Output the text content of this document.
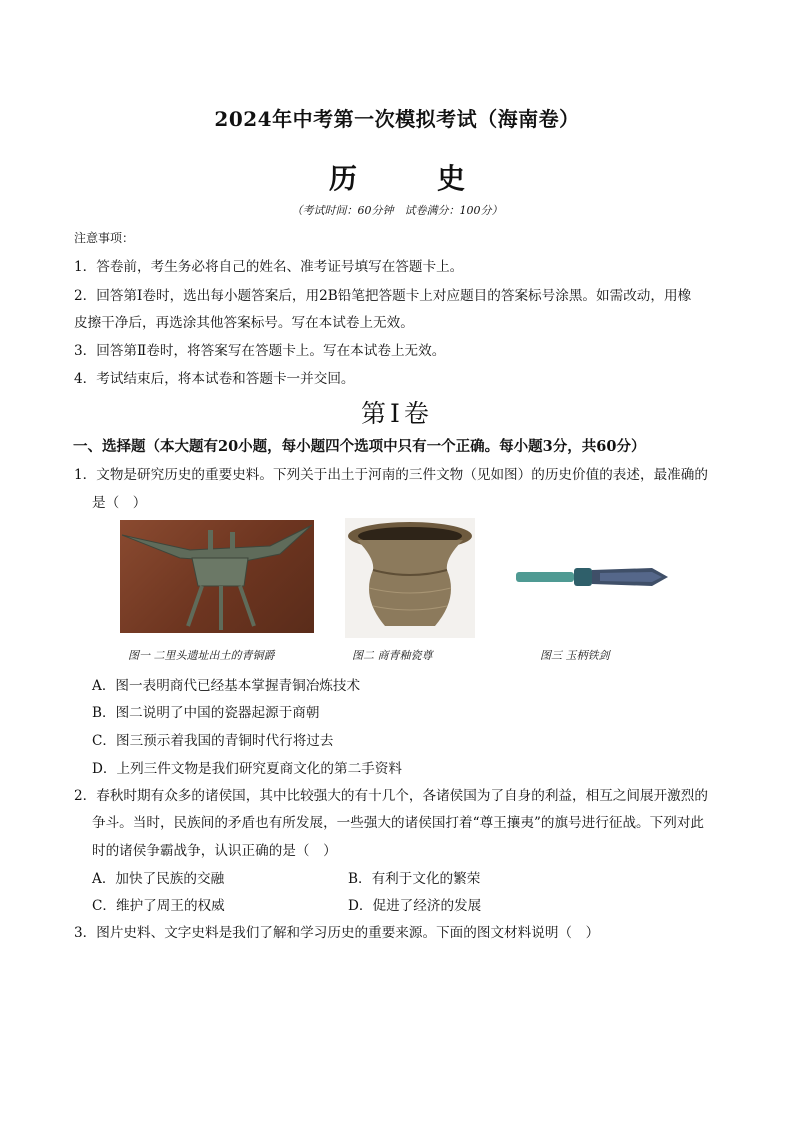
2024年中考第一次模拟考试（海南卷）
历　史
（考试时间：60分钟　试卷满分：100分）
注意事项：
1．答卷前，考生务必将自己的姓名、准考证号填写在答题卡上。
2．回答第Ⅰ卷时，选出每小题答案后，用2B铅笔把答题卡上对应题目的答案标号涂黑。如需改动，用橡
皮擦干净后，再选涂其他答案标号。写在本试卷上无效。
3．回答第Ⅱ卷时，将答案写在答题卡上。写在本试卷上无效。
4．考试结束后，将本试卷和答题卡一并交回。
第Ⅰ卷
一、选择题（本大题有20小题，每小题四个选项中只有一个正确。每小题3分，共60分）
1．文物是研究历史的重要史料。下列关于出土于河南的三件文物（见如图）的历史价值的表述，最准确的
是（　）
图一 二里头遗址出土的青铜爵	图二 商青釉瓷尊	图三 玉柄铁剑
A．图一表明商代已经基本掌握青铜冶炼技术
B．图二说明了中国的瓷器起源于商朝
C．图三预示着我国的青铜时代行将过去
D．上列三件文物是我们研究夏商文化的第二手资料
2．春秋时期有众多的诸侯国，其中比较强大的有十几个，各诸侯国为了自身的利益，相互之间展开激烈的
争斗。当时，民族间的矛盾也有所发展，一些强大的诸侯国打着“尊王攘夷”的旗号进行征战。下列对此
时的诸侯争霸战争，认识正确的是（　）
A．加快了民族的交融	B．有利于文化的繁荣
C．维护了周王的权威	D．促进了经济的发展
3．图片史料、文字史料是我们了解和学习历史的重要来源。下面的图文材料说明（　）
